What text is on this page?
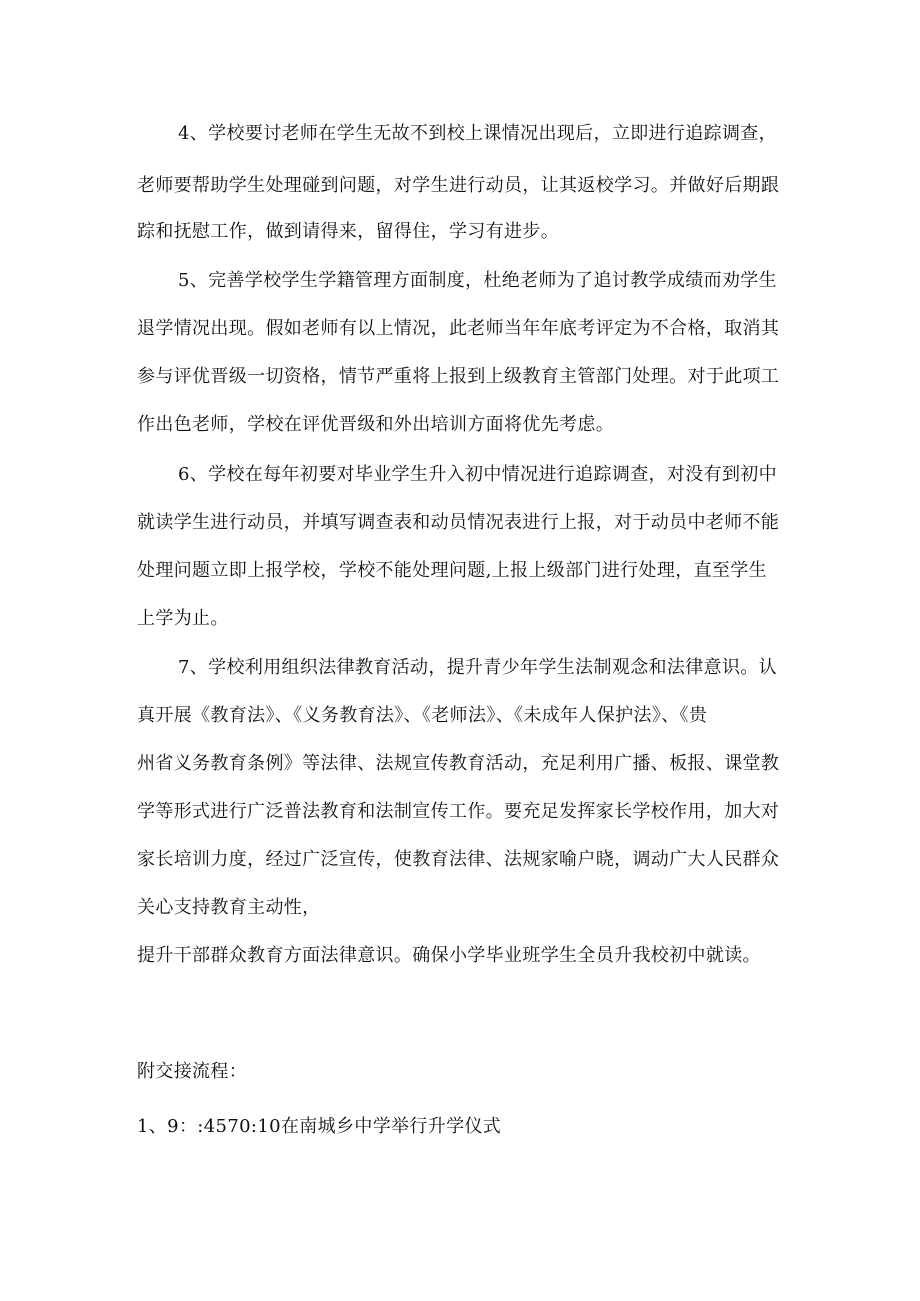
4、学校要讨老师在学生无故不到校上课情况出现后，立即进行追踪调查，
老师要帮助学生处理碰到问题，对学生进行动员，让其返校学习。并做好后期跟
踪和抚慰工作，做到请得来，留得住，学习有进步。
5、完善学校学生学籍管理方面制度，杜绝老师为了追讨教学成绩而劝学生
退学情况出现。假如老师有以上情况，此老师当年年底考评定为不合格，取消其
参与评优晋级一切资格，情节严重将上报到上级教育主管部门处理。对于此项工
作出色老师，学校在评优晋级和外出培训方面将优先考虑。
6、学校在每年初要对毕业学生升入初中情况进行追踪调查，对没有到初中
就读学生进行动员，并填写调查表和动员情况表进行上报，对于动员中老师不能
处理问题立即上报学校，学校不能处理问题,上报上级部门进行处理，直至学生
上学为止。
7、学校利用组织法律教育活动，提升青少年学生法制观念和法律意识。认
真开展《教育法》、《义务教育法》、《老师法》、《未成年人保护法》、《贵
州省义务教育条例》等法律、法规宣传教育活动，充足利用广播、板报、课堂教
学等形式进行广泛普法教育和法制宣传工作。要充足发挥家长学校作用，加大对
家长培训力度，经过广泛宣传，使教育法律、法规家喻户晓，调动广大人民群众
关心支持教育主动性，
提升干部群众教育方面法律意识。确保小学毕业班学生全员升我校初中就读。
附交接流程：
1、9：:4570:10在南城乡中学举行升学仪式
